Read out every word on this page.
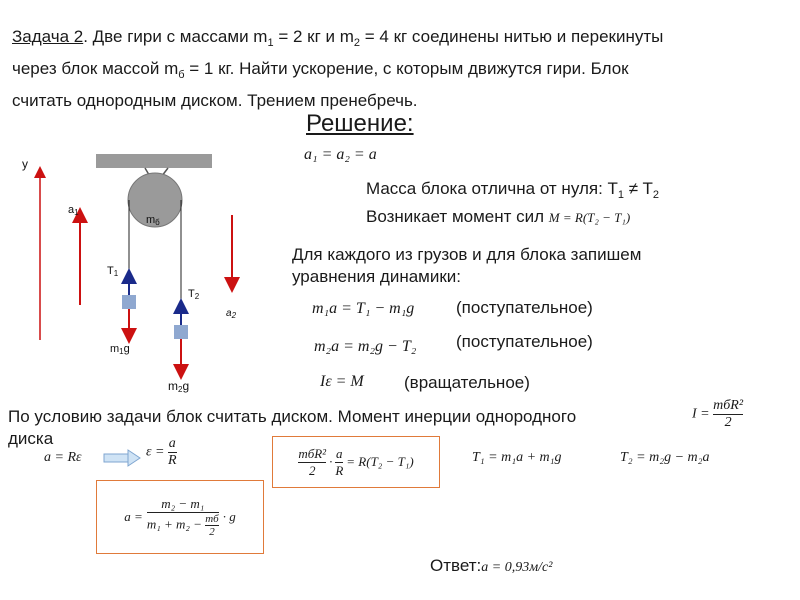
Задача 2. Две гири с массами $m_1 = 2$ кг и $m_2 = 4$ кг соединены нитью и перекинуты
через блок массой $m_б = 1$ кг. Найти ускорение, с которым движутся гири. Блок
считать однородным диском. Трением пренебречь.
Решение:
mб
y
a1
T1
T2
$a_2$
m1g
m2g
a₁ = a₂ = a
Масса блока отлична от нуля: $T_1 \ne T_2$
Возникает момент сил M = R(T₂ − T₁)
Для каждого из грузов и для блока запишем
уравнения динамики:
m₁a = T₁ − m₁g (поступательное)
m₂a = m₂g − T₂ (поступательное)
Iε = M (вращательное)
По условию задачи блок считать диском. Момент инерции однородного
диска
$I = \frac{\text{mбR²}}{2}$
a = Rε	$\varepsilon = \frac{a}{R}$	$\frac{\text{mбR²}}{2} \cdot \frac{a}{R} = R(T_2 - T_1)$	T₁ = m₁a + m₁g	T₂ = m₂g − m₂a
$a = \frac{\text{m₂ − m₁}}{m_1 + m_2 - \frac{mб}{2}} \cdot g$
Ответ:a = 0,93м/с²
